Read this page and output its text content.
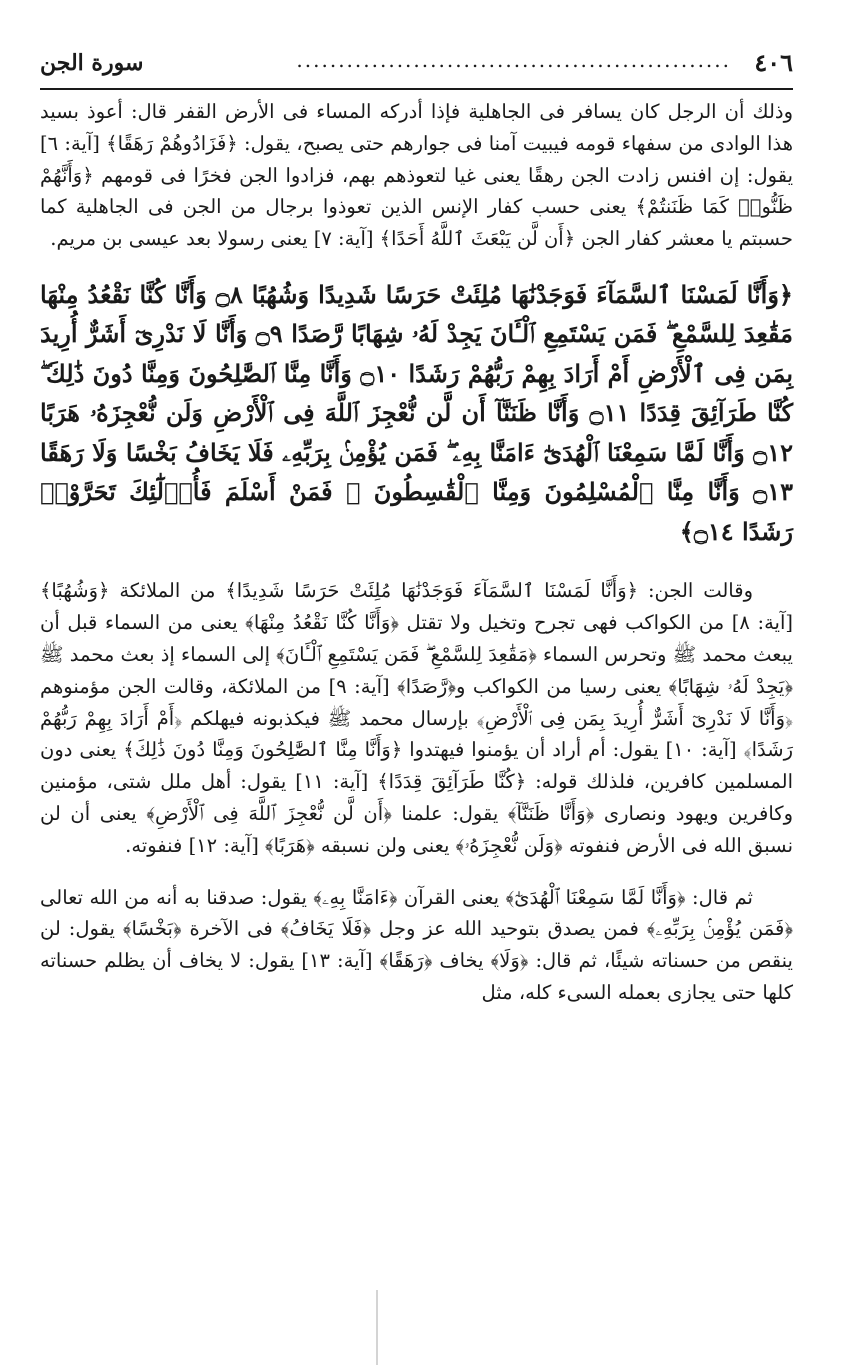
٤٠٦
....................................................
سورة الجن

وذلك أن الرجل كان يسافر فى الجاهلية فإذا أدركه المساء فى الأرض القفر قال: أعوذ بسيد هذا الوادى من سفهاء قومه فيبيت آمنا فى جوارهم حتى يصبح، يقول: ﴿فَزَادُوهُمْ رَهَقًا﴾ [آية: ٦] يقول: إن افنس زادت الجن رهقًا يعنى غيا لتعوذهم بهم، فزادوا الجن فخرًا فى قومهم ﴿وَأَنَّهُمْ ظَنُّوا۟ كَمَا ظَنَنتُمْ﴾ يعنى حسب كفار الإنس الذين تعوذوا برجال من الجن فى الجاهلية كما حسبتم يا معشر كفار الجن ﴿أَن لَّن يَبْعَثَ ٱللَّهُ أَحَدًا﴾ [آية: ٧] يعنى رسولا بعد عيسى بن مريم.

﴿وَأَنَّا لَمَسْنَا ٱلسَّمَآءَ فَوَجَدْنَٰهَا مُلِئَتْ حَرَسًا شَدِيدًا وَشُهُبًا ۝٨ وَأَنَّا كُنَّا نَقْعُدُ مِنْهَا مَقَٰعِدَ لِلسَّمْعِ ۖ فَمَن يَسْتَمِعِ ٱلْـَٔانَ يَجِدْ لَهُۥ شِهَابًا رَّصَدًا ۝٩ وَأَنَّا لَا نَدْرِىٓ أَشَرٌّ أُرِيدَ بِمَن فِى ٱلْأَرْضِ أَمْ أَرَادَ بِهِمْ رَبُّهُمْ رَشَدًا ۝١٠ وَأَنَّا مِنَّا ٱلصَّٰلِحُونَ وَمِنَّا دُونَ ذَٰلِكَ ۖ كُنَّا طَرَآئِقَ قِدَدًا ۝١١ وَأَنَّا ظَنَنَّآ أَن لَّن نُّعْجِزَ ٱللَّهَ فِى ٱلْأَرْضِ وَلَن نُّعْجِزَهُۥ هَرَبًا ۝١٢ وَأَنَّا لَمَّا سَمِعْنَا ٱلْهُدَىٰٓ ءَامَنَّا بِهِۦ ۖ فَمَن يُؤْمِنۢ بِرَبِّهِۦ فَلَا يَخَافُ بَخْسًا وَلَا رَهَقًا ۝١٣ وَأَنَّا مِنَّا ٱلْمُسْلِمُونَ وَمِنَّا ٱلْقَٰسِطُونَ ۖ فَمَنْ أَسْلَمَ فَأُو۟لَٰٓئِكَ تَحَرَّوْا۟ رَشَدًا ۝١٤﴾

وقالت الجن: ﴿وَأَنَّا لَمَسْنَا ٱلسَّمَآءَ فَوَجَدْنَٰهَا مُلِئَتْ حَرَسًا شَدِيدًا﴾ من الملائكة ﴿وَشُهُبًا﴾ [آية: ٨] من الكواكب فهى تجرح وتخيل ولا تقتل ﴿وَأَنَّا كُنَّا نَقْعُدُ مِنْهَا﴾ يعنى من السماء قبل أن يبعث محمد ﷺ وتحرس السماء ﴿مَقَٰعِدَ لِلسَّمْعِ ۖ فَمَن يَسْتَمِعِ ٱلْـَٔانَ﴾ إلى السماء إذ بعث محمد ﷺ ﴿يَجِدْ لَهُۥ شِهَابًا﴾ يعنى رسيا من الكواكب و﴿رَّصَدًا﴾ [آية: ٩] من الملائكة، وقالت الجن مؤمنوهم ﴿وَأَنَّا لَا نَدْرِىٓ أَشَرٌّ أُرِيدَ بِمَن فِى ٱلْأَرْضِ﴾ بإرسال محمد ﷺ فيكذبونه فيهلكم ﴿أَمْ أَرَادَ بِهِمْ رَبُّهُمْ رَشَدًا﴾ [آية: ١٠] يقول: أم أراد أن يؤمنوا فيهتدوا ﴿وَأَنَّا مِنَّا ٱلصَّٰلِحُونَ وَمِنَّا دُونَ ذَٰلِكَ﴾ يعنى دون المسلمين كافرين، فلذلك قوله: ﴿كُنَّا طَرَآئِقَ قِدَدًا﴾ [آية: ١١] يقول: أهل ملل شتى، مؤمنين وكافرين ويهود ونصارى ﴿وَأَنَّا ظَنَنَّآ﴾ يقول: علمنا ﴿أَن لَّن نُّعْجِزَ ٱللَّهَ فِى ٱلْأَرْضِ﴾ يعنى أن لن نسبق الله فى الأرض فنفوته ﴿وَلَن نُّعْجِزَهُۥ﴾ يعنى ولن نسبقه ﴿هَرَبًا﴾ [آية: ١٢] فنفوته.

ثم قال: ﴿وَأَنَّا لَمَّا سَمِعْنَا ٱلْهُدَىٰٓ﴾ يعنى القرآن ﴿ءَامَنَّا بِهِۦ﴾ يقول: صدقنا به أنه من الله تعالى ﴿فَمَن يُؤْمِنۢ بِرَبِّهِۦ﴾ فمن يصدق بتوحيد الله عز وجل ﴿فَلَا يَخَافُ﴾ فى الآخرة ﴿بَخْسًا﴾ يقول: لن ينقص من حسناته شيئًا، ثم قال: ﴿وَلَا﴾ يخاف ﴿رَهَقًا﴾ [آية: ١٣] يقول: لا يخاف أن يظلم حسناته كلها حتى يجازى بعمله السىء كله، مثل
